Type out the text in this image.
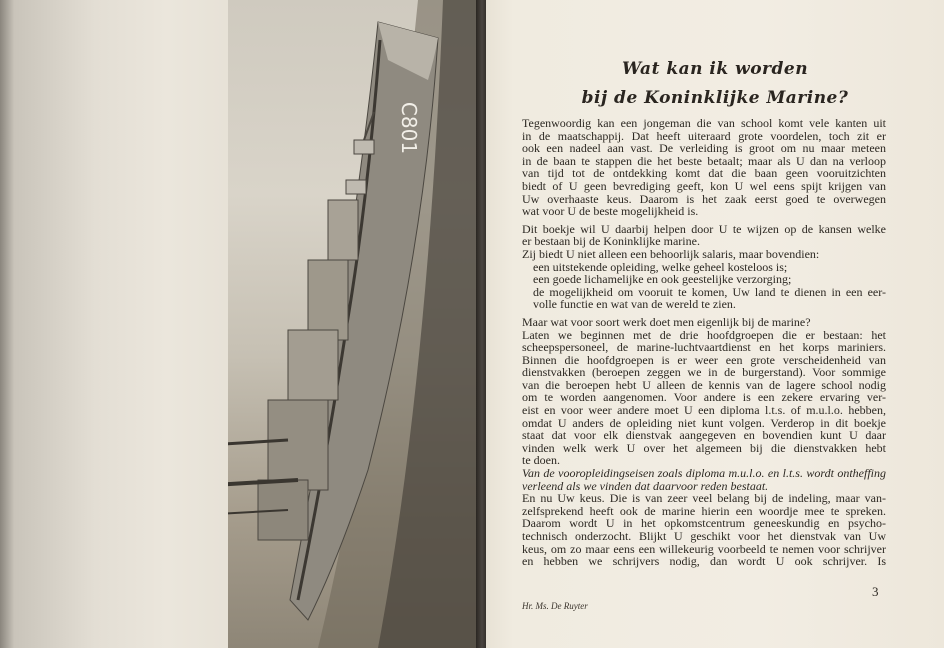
C801
Wat kan ik worden
bij de Koninklijke Marine?
Tegenwoordig kan een jongeman die van school komt vele kanten uit
in de maatschappij. Dat heeft uiteraard grote voordelen, toch zit er
ook een nadeel aan vast. De verleiding is groot om nu maar meteen
in de baan te stappen die het beste betaalt; maar als U dan na verloop
van tijd tot de ontdekking komt dat die baan geen vooruitzichten
biedt of U geen bevrediging geeft, kon U wel eens spijt krijgen van
Uw overhaaste keus. Daarom is het zaak eerst goed te overwegen
wat voor U de beste mogelijkheid is.
Dit boekje wil U daarbij helpen door U te wijzen op de kansen welke
er bestaan bij de Koninklijke marine.
Zij biedt U niet alleen een behoorlijk salaris, maar bovendien:
een uitstekende opleiding, welke geheel kosteloos is;
een goede lichamelijke en ook geestelijke verzorging;
de mogelijkheid om vooruit te komen, Uw land te dienen in een eer-
volle functie en wat van de wereld te zien.
Maar wat voor soort werk doet men eigenlijk bij de marine?
Laten we beginnen met de drie hoofdgroepen die er bestaan: het
scheepspersoneel, de marine-luchtvaartdienst en het korps mariniers.
Binnen die hoofdgroepen is er weer een grote verscheidenheid van
dienstvakken (beroepen zeggen we in de burgerstand). Voor sommige
van die beroepen hebt U alleen de kennis van de lagere school nodig
om te worden aangenomen. Voor andere is een zekere ervaring ver-
eist en voor weer andere moet U een diploma l.t.s. of m.u.l.o. hebben,
omdat U anders de opleiding niet kunt volgen. Verderop in dit boekje
staat dat voor elk dienstvak aangegeven en bovendien kunt U daar
vinden welk werk U over het algemeen bij die dienstvakken hebt
te doen.
Van de vooropleidingseisen zoals diploma m.u.l.o. en l.t.s. wordt ontheffing
verleend als we vinden dat daarvoor reden bestaat.
En nu Uw keus. Die is van zeer veel belang bij de indeling, maar van-
zelfsprekend heeft ook de marine hierin een woordje mee te spreken.
Daarom wordt U in het opkomstcentrum geneeskundig en psycho-
technisch onderzocht. Blijkt U geschikt voor het dienstvak van Uw
keus, om zo maar eens een willekeurig voorbeeld te nemen voor schrijver
en hebben we schrijvers nodig, dan wordt U ook schrijver. Is
Hr. Ms. De Ruyter
3
